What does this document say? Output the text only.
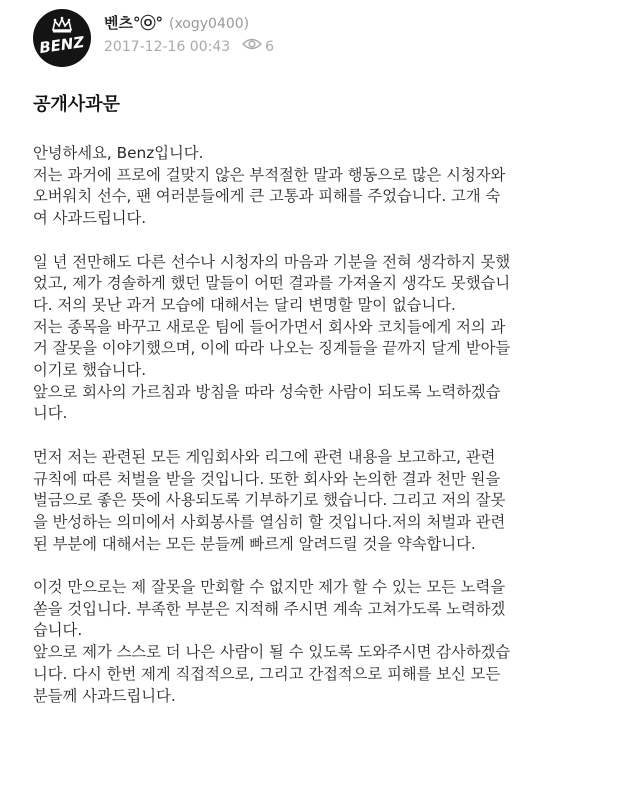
BENZ
벤츠°㉧° (xogy0400)
2017-12-16 00:43	6
공개사과문

안녕하세요, Benz입니다.
저는 과거에 프로에 걸맞지 않은 부적절한 말과 행동으로 많은 시청자와
오버워치 선수, 팬 여러분들에게 큰 고통과 피해를 주었습니다. 고개 숙
여 사과드립니다.

일 년 전만해도 다른 선수나 시청자의 마음과 기분을 전혀 생각하지 못했
었고, 제가 경솔하게 했던 말들이 어떤 결과를 가져올지 생각도 못했습니
다. 저의 못난 과거 모습에 대해서는 달리 변명할 말이 없습니다.
저는 종목을 바꾸고 새로운 팀에 들어가면서 회사와 코치들에게 저의 과
거 잘못을 이야기했으며, 이에 따라 나오는 징계들을 끝까지 달게 받아들
이기로 했습니다.
앞으로 회사의 가르침과 방침을 따라 성숙한 사람이 되도록 노력하겠습
니다.

먼저 저는 관련된 모든 게임회사와 리그에 관련 내용을 보고하고, 관련
규칙에 따른 처벌을 받을 것입니다. 또한 회사와 논의한 결과 천만 원을
벌금으로 좋은 뜻에 사용되도록 기부하기로 했습니다. 그리고 저의 잘못
을 반성하는 의미에서 사회봉사를 열심히 할 것입니다.저의 처벌과 관련
된 부분에 대해서는 모든 분들께 빠르게 알려드릴 것을 약속합니다.

이것 만으로는 제 잘못을 만회할 수 없지만 제가 할 수 있는 모든 노력을
쏟을 것입니다. 부족한 부분은 지적해 주시면 계속 고쳐가도록 노력하겠
습니다.
앞으로 제가 스스로 더 나은 사람이 될 수 있도록 도와주시면 감사하겠습
니다. 다시 한번 제게 직접적으로, 그리고 간접적으로 피해를 보신 모든
분들께 사과드립니다.
